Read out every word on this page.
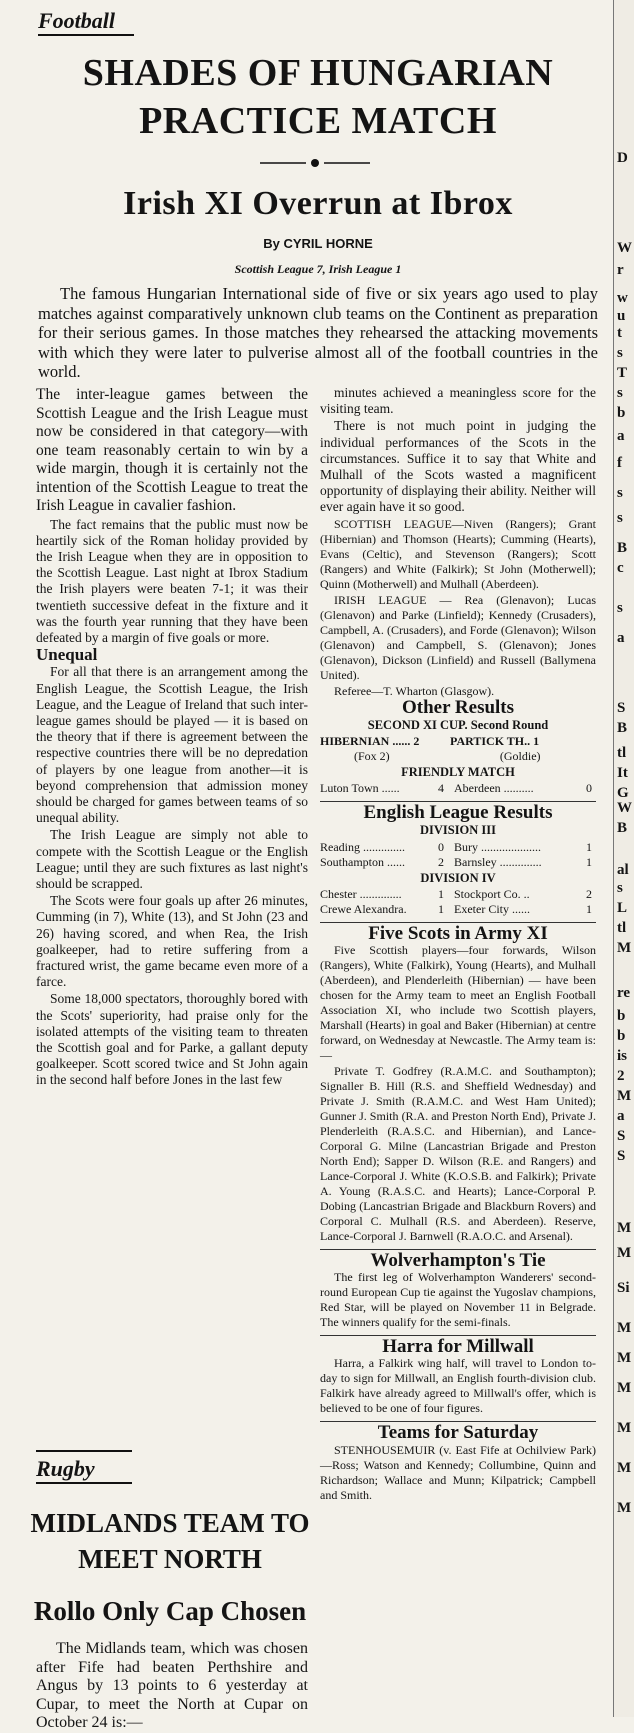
D
W
r
w
u
t
s
T
s
b
a
f
s
s
B
c
s
a
S
B
tl
It
G
W
B
al
s
L
tl
M
re
b
b
is
2
M
a
S
S
M
M
Si
M
M
M
M
M
M
Football
SHADES OF HUNGARIAN
PRACTICE MATCH
Irish XI Overrun at Ibrox
By CYRIL HORNE
Scottish League 7, Irish League 1

The famous Hungarian International side of five or six years ago used to play matches against comparatively unknown club teams on the Continent as preparation for their serious games. In those matches they rehearsed the attacking movements with which they were later to pulverise almost all of the football countries in the world.

The inter-league games between the Scottish League and the Irish League must now be considered in that category—with one team reasonably certain to win by a wide margin, though it is certainly not the intention of the Scottish League to treat the Irish League in cavalier fashion.

The fact remains that the public must now be heartily sick of the Roman holiday provided by the Irish League when they are in opposition to the Scottish League. Last night at Ibrox Stadium the Irish players were beaten 7-1; it was their twentieth successive defeat in the fixture and it was the fourth year running that they have been defeated by a margin of five goals or more.

Unequal

For all that there is an arrangement among the English League, the Scottish League, the Irish League, and the League of Ireland that such inter-league games should be played — it is based on the theory that if there is agreement between the respective countries there will be no depredation of players by one league from another—it is beyond comprehension that admission money should be charged for games between teams of so unequal ability.

The Irish League are simply not able to compete with the Scottish League or the English League; until they are such fixtures as last night's should be scrapped.

The Scots were four goals up after 26 minutes, Cumming (in 7), White (13), and St John (23 and 26) having scored, and when Rea, the Irish goalkeeper, had to retire suffering from a fractured wrist, the game became even more of a farce.

Some 18,000 spectators, thoroughly bored with the Scots' superiority, had praise only for the isolated attempts of the visiting team to threaten the Scottish goal and for Parke, a gallant deputy goalkeeper. Scott scored twice and St John again in the second half before Jones in the last few

minutes achieved a meaningless score for the visiting team.

There is not much point in judging the individual performances of the Scots in the circumstances. Suffice it to say that White and Mulhall of the Scots wasted a magnificent opportunity of displaying their ability. Neither will ever again have it so good.

SCOTTISH LEAGUE—Niven (Rangers); Grant (Hibernian) and Thomson (Hearts); Cumming (Hearts), Evans (Celtic), and Stevenson (Rangers); Scott (Rangers) and White (Falkirk); St John (Motherwell); Quinn (Motherwell) and Mulhall (Aberdeen).

IRISH LEAGUE — Rea (Glenavon); Lucas (Glenavon) and Parke (Linfield); Kennedy (Crusaders), Campbell, A. (Crusaders), and Forde (Glenavon); Wilson (Glenavon) and Campbell, S. (Glenavon); Jones (Glenavon), Dickson (Linfield) and Russell (Ballymena United).

Referee—T. Wharton (Glasgow).

Other Results

SECOND XI CUP. Second Round

HIBERNIAN ...... 2	PARTICK TH.. 1
(Fox 2)	(Goldie)

FRIENDLY MATCH

Luton Town ......	4 Aberdeen ..........	0

English League Results

DIVISION III

Reading ..............	0 Bury ....................	1
Southampton ......	2 Barnsley ..............	1

DIVISION IV

Chester ..............	1 Stockport Co. ..	2
Crewe Alexandra.	1 Exeter City ......	1

Five Scots in Army XI

Five Scottish players—four forwards, Wilson (Rangers), White (Falkirk), Young (Hearts), and Mulhall (Aberdeen), and Plenderleith (Hibernian) — have been chosen for the Army team to meet an English Football Association XI, who include two Scottish players, Marshall (Hearts) in goal and Baker (Hibernian) at centre forward, on Wednesday at Newcastle. The Army team is:—

Private T. Godfrey (R.A.M.C. and Southampton); Signaller B. Hill (R.S. and Sheffield Wednesday) and Private J. Smith (R.A.M.C. and West Ham United); Gunner J. Smith (R.A. and Preston North End), Private J. Plenderleith (R.A.S.C. and Hibernian), and Lance-Corporal G. Milne (Lancastrian Brigade and Preston North End); Sapper D. Wilson (R.E. and Rangers) and Lance-Corporal J. White (K.O.S.B. and Falkirk); Private A. Young (R.A.S.C. and Hearts); Lance-Corporal P. Dobing (Lancastrian Brigade and Blackburn Rovers) and Corporal C. Mulhall (R.S. and Aberdeen). Reserve, Lance-Corporal J. Barnwell (R.A.O.C. and Arsenal).

Wolverhampton's Tie

The first leg of Wolverhampton Wanderers' second-round European Cup tie against the Yugoslav champions, Red Star, will be played on November 11 in Belgrade. The winners qualify for the semi-finals.

Harra for Millwall

Harra, a Falkirk wing half, will travel to London to-day to sign for Millwall, an English fourth-division club. Falkirk have already agreed to Millwall's offer, which is believed to be one of four figures.

Teams for Saturday

STENHOUSEMUIR (v. East Fife at Ochilview Park)—Ross; Watson and Kennedy; Collumbine, Quinn and Richardson; Wallace and Munn; Kilpatrick; Campbell and Smith.

Rugby
MIDLANDS TEAM TO
MEET NORTH
Rollo Only Cap Chosen

The Midlands team, which was chosen after Fife had beaten Perthshire and Angus by 13 points to 6 yesterday at Cupar, to meet the North at Cupar on October 24 is:—
